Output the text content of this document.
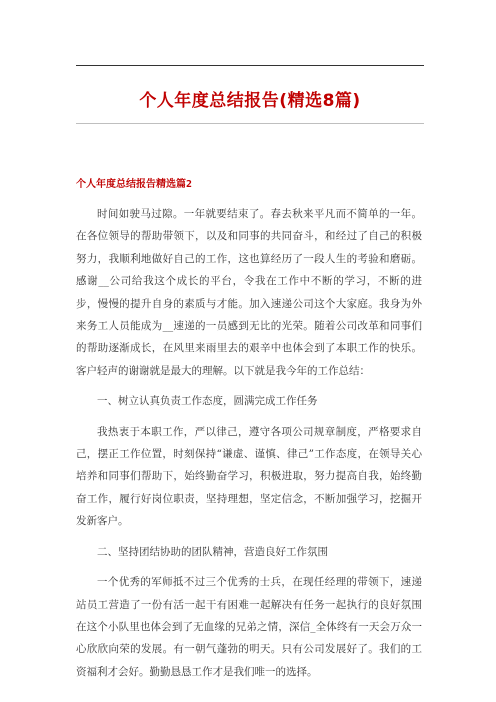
个人年度总结报告(精选8篇)
个人年度总结报告精选篇2

时间如驶马过隙。一年就要结束了。春去秋来平凡而不简单的一年。在各位领导的帮助带领下，以及和同事的共同奋斗，和经过了自己的积极努力，我顺利地做好自己的工作，这也算经历了一段人生的考验和磨砺。感谢__公司给我这个成长的平台，令我在工作中不断的学习，不断的进步，慢慢的提升自身的素质与才能。加入速递公司这个大家庭。我身为外来务工人员能成为__速递的一员感到无比的光荣。随着公司改革和同事们的帮助逐渐成长，在风里来雨里去的艰辛中也体会到了本职工作的快乐。客户轻声的谢谢就是最大的理解。以下就是我今年的工作总结：

一、树立认真负责工作态度，圆满完成工作任务

我热衷于本职工作，严以律己，遵守各项公司规章制度，严格要求自己，摆正工作位置，时刻保持“谦虚、谨慎、律己”工作态度，在领导关心培养和同事们帮助下，始终勤奋学习，积极进取，努力提高自我，始终勤奋工作，履行好岗位职责，坚持理想，坚定信念，不断加强学习，挖掘开发新客户。

二、坚持团结协助的团队精神，营造良好工作氛围

一个优秀的军师抵不过三个优秀的士兵，在现任经理的带领下，速递站员工营造了一份有活一起干有困难一起解决有任务一起执行的良好氛围在这个小队里也体会到了无血缘的兄弟之情，深信_全体终有一天会万众一心欣欣向荣的发展。有一朝气蓬勃的明天。只有公司发展好了。我们的工资福利才会好。勤勤恳恳工作才是我们唯一的选择。
